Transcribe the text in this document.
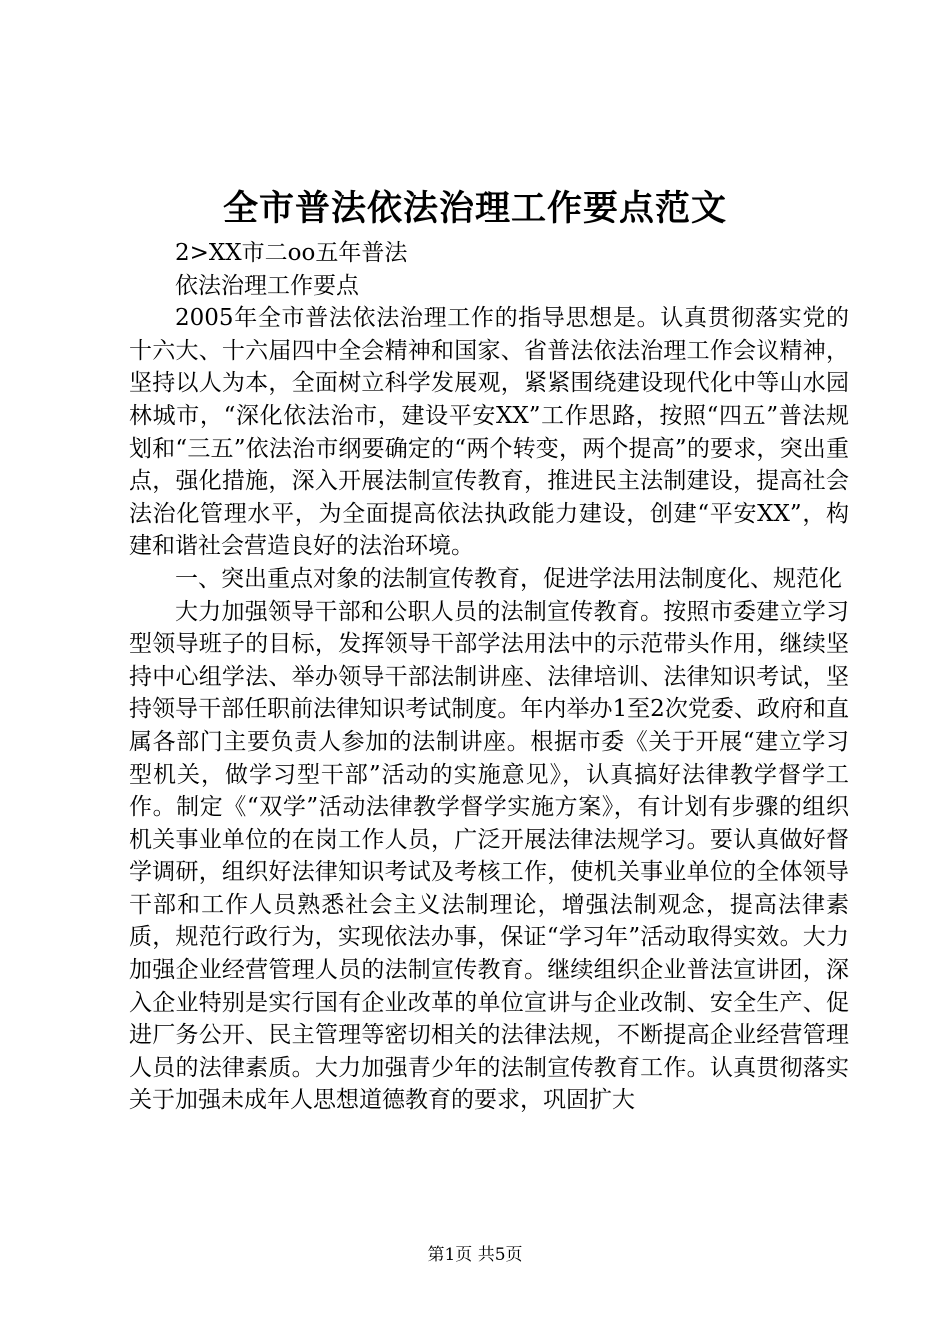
全市普法依法治理工作要点范文

2>XX市二oo五年普法

依法治理工作要点

2005年全市普法依法治理工作的指导思想是。认真贯彻落实党的十六大、十六届四中全会精神和国家、省普法依法治理工作会议精神，坚持以人为本，全面树立科学发展观，紧紧围绕建设现代化中等山水园林城市，“深化依法治市，建设平安XX”工作思路，按照“四五”普法规划和“三五”依法治市纲要确定的“两个转变，两个提高”的要求，突出重点，强化措施，深入开展法制宣传教育，推进民主法制建设，提高社会法治化管理水平，为全面提高依法执政能力建设，创建“平安XX”，构建和谐社会营造良好的法治环境。

一、突出重点对象的法制宣传教育，促进学法用法制度化、规范化

大力加强领导干部和公职人员的法制宣传教育。按照市委建立学习型领导班子的目标，发挥领导干部学法用法中的示范带头作用，继续坚持中心组学法、举办领导干部法制讲座、法律培训、法律知识考试，坚持领导干部任职前法律知识考试制度。年内举办1至2次党委、政府和直属各部门主要负责人参加的法制讲座。根据市委《关于开展“建立学习型机关，做学习型干部”活动的实施意见》，认真搞好法律教学督学工作。制定《“双学”活动法律教学督学实施方案》，有计划有步骤的组织机关事业单位的在岗工作人员，广泛开展法律法规学习。要认真做好督学调研，组织好法律知识考试及考核工作，使机关事业单位的全体领导干部和工作人员熟悉社会主义法制理论，增强法制观念，提高法律素质，规范行政行为，实现依法办事，保证“学习年”活动取得实效。大力加强企业经营管理人员的法制宣传教育。继续组织企业普法宣讲团，深入企业特别是实行国有企业改革的单位宣讲与企业改制、安全生产、促进厂务公开、民主管理等密切相关的法律法规，不断提高企业经营管理人员的法律素质。大力加强青少年的法制宣传教育工作。认真贯彻落实关于加强未成年人思想道德教育的要求，巩固扩大

第1页 共5页
